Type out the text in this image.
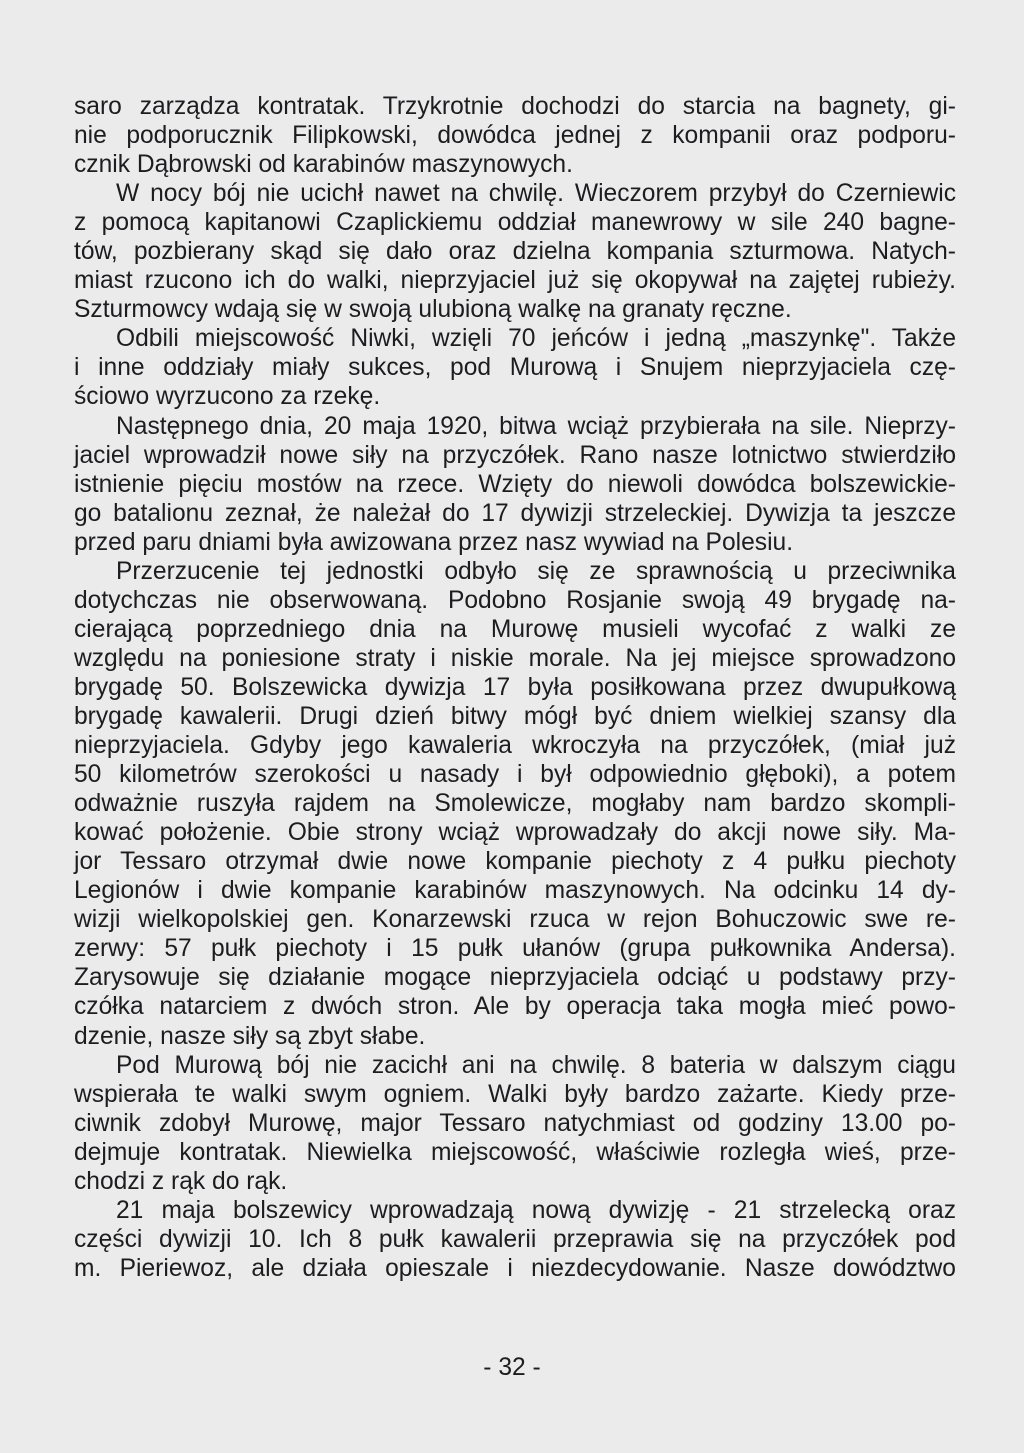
saro zarządza kontratak. Trzykrotnie dochodzi do starcia na bagnety, gi-
nie podporucznik Filipkowski, dowódca jednej z kompanii oraz podporu-
cznik Dąbrowski od karabinów maszynowych.
W nocy bój nie ucichł nawet na chwilę. Wieczorem przybył do Czerniewic
z pomocą kapitanowi Czaplickiemu oddział manewrowy w sile 240 bagne-
tów, pozbierany skąd się dało oraz dzielna kompania szturmowa. Natych-
miast rzucono ich do walki, nieprzyjaciel już się okopywał na zajętej rubieży.
Szturmowcy wdają się w swoją ulubioną walkę na granaty ręczne.
Odbili miejscowość Niwki, wzięli 70 jeńców i jedną „maszynkę". Także
i inne oddziały miały sukces, pod Murową i Snujem nieprzyjaciela czę-
ściowo wyrzucono za rzekę.
Następnego dnia, 20 maja 1920, bitwa wciąż przybierała na sile. Nieprzy-
jaciel wprowadził nowe siły na przyczółek. Rano nasze lotnictwo stwierdziło
istnienie pięciu mostów na rzece. Wzięty do niewoli dowódca bolszewickie-
go batalionu zeznał, że należał do 17 dywizji strzeleckiej. Dywizja ta jeszcze
przed paru dniami była awizowana przez nasz wywiad na Polesiu.
Przerzucenie tej jednostki odbyło się ze sprawnością u przeciwnika
dotychczas nie obserwowaną. Podobno Rosjanie swoją 49 brygadę na-
cierającą poprzedniego dnia na Murowę musieli wycofać z walki ze
względu na poniesione straty i niskie morale. Na jej miejsce sprowadzono
brygadę 50. Bolszewicka dywizja 17 była posiłkowana przez dwupułkową
brygadę kawalerii. Drugi dzień bitwy mógł być dniem wielkiej szansy dla
nieprzyjaciela. Gdyby jego kawaleria wkroczyła na przyczółek, (miał już
50 kilometrów szerokości u nasady i był odpowiednio głęboki), a potem
odważnie ruszyła rajdem na Smolewicze, mogłaby nam bardzo skompli-
kować położenie. Obie strony wciąż wprowadzały do akcji nowe siły. Ma-
jor Tessaro otrzymał dwie nowe kompanie piechoty z 4 pułku piechoty
Legionów i dwie kompanie karabinów maszynowych. Na odcinku 14 dy-
wizji wielkopolskiej gen. Konarzewski rzuca w rejon Bohuczowic swe re-
zerwy: 57 pułk piechoty i 15 pułk ułanów (grupa pułkownika Andersa).
Zarysowuje się działanie mogące nieprzyjaciela odciąć u podstawy przy-
czółka natarciem z dwóch stron. Ale by operacja taka mogła mieć powo-
dzenie, nasze siły są zbyt słabe.
Pod Murową bój nie zacichł ani na chwilę. 8 bateria w dalszym ciągu
wspierała te walki swym ogniem. Walki były bardzo zażarte. Kiedy prze-
ciwnik zdobył Murowę, major Tessaro natychmiast od godziny 13.00 po-
dejmuje kontratak. Niewielka miejscowość, właściwie rozległa wieś, prze-
chodzi z rąk do rąk.
21 maja bolszewicy wprowadzają nową dywizję - 21 strzelecką oraz
części dywizji 10. Ich 8 pułk kawalerii przeprawia się na przyczółek pod
m. Pieriewoz, ale działa opieszale i niezdecydowanie. Nasze dowództwo
- 32 -
